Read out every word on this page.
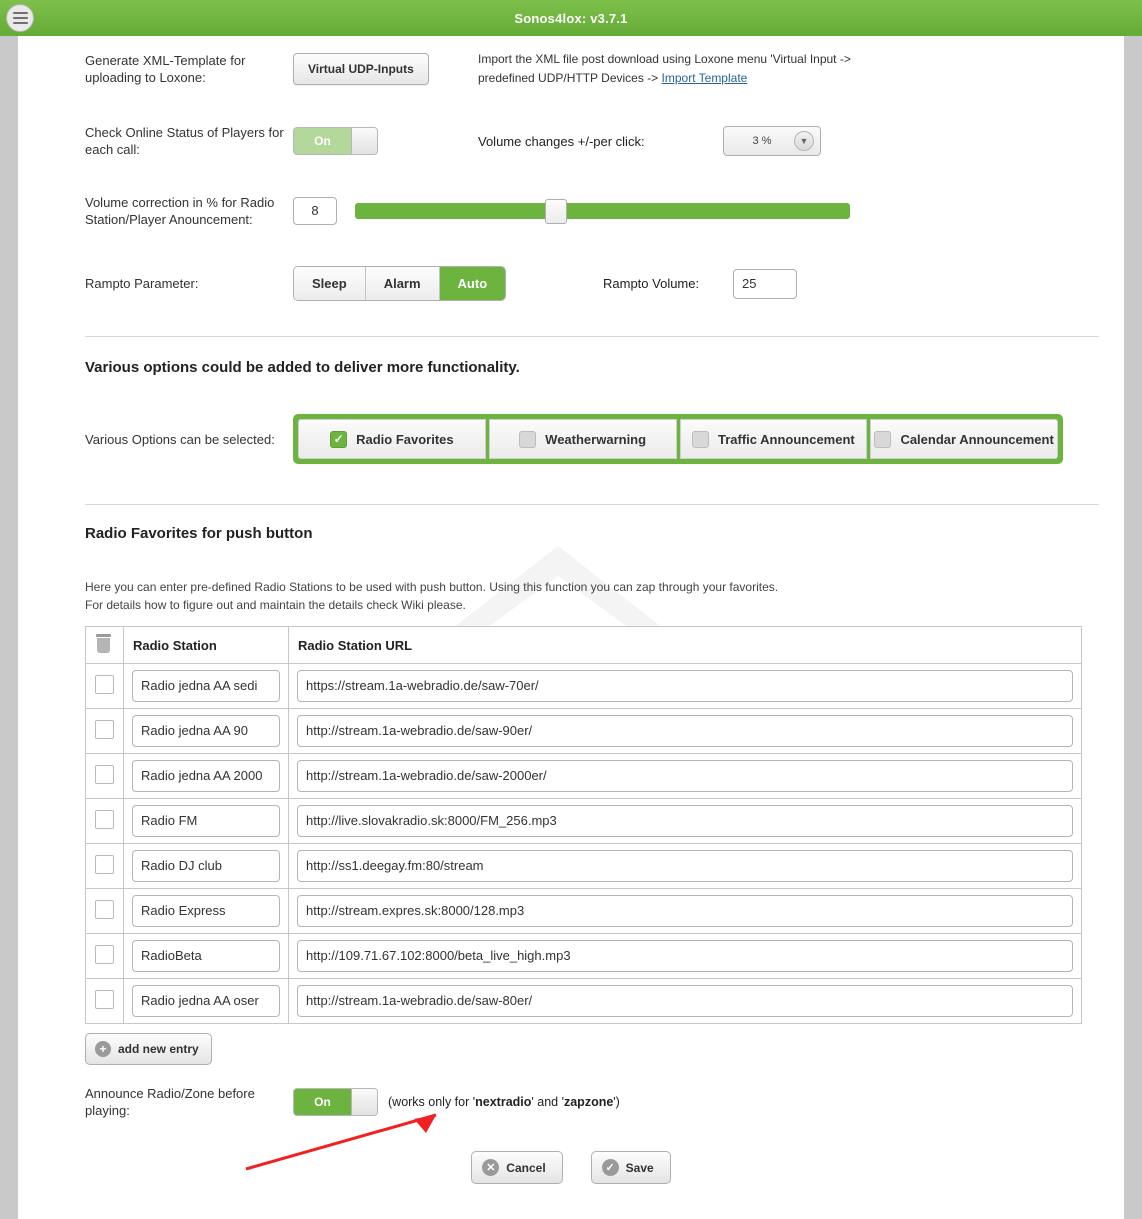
Sonos4lox: v3.7.1
Generate XML-Template for uploading to Loxone:
Virtual UDP-Inputs
Import the XML file post download using Loxone menu 'Virtual Input ->
predefined UDP/HTTP Devices -> Import Template
Check Online Status of Players for each call:
On	Volume changes +/-per click:	3 %	▼
Volume correction in % for Radio Station/Player Anouncement:
8
Rampto Parameter:	Sleep	Alarm	Auto	Rampto Volume:	25
Various options could be added to deliver more functionality.
Various Options can be selected:	✓ Radio Favorites	Weatherwarning	Traffic Announcement	Calendar Announcement
Radio Favorites for push button
Here you can enter pre-defined Radio Stations to be used with push button. Using this function you can zap through your favorites.
For details how to figure out and maintain the details check Wiki please.
	Radio Station	Radio Station URL

	Radio jedna AA sedi	https://stream.1a-webradio.de/saw-70er/

	Radio jedna AA 90	http://stream.1a-webradio.de/saw-90er/

	Radio jedna AA 2000	http://stream.1a-webradio.de/saw-2000er/

	Radio FM	http://live.slovakradio.sk:8000/FM_256.mp3

	Radio DJ club	http://ss1.deegay.fm:80/stream

	Radio Express	http://stream.expres.sk:8000/128.mp3

	RadioBeta	http://109.71.67.102:8000/beta_live_high.mp3

	Radio jedna AA oser	http://stream.1a-webradio.de/saw-80er/
+ add new entry
Announce Radio/Zone before playing:
On	(works only for 'nextradio' and 'zapzone')
✕ Cancel	✓ Save
